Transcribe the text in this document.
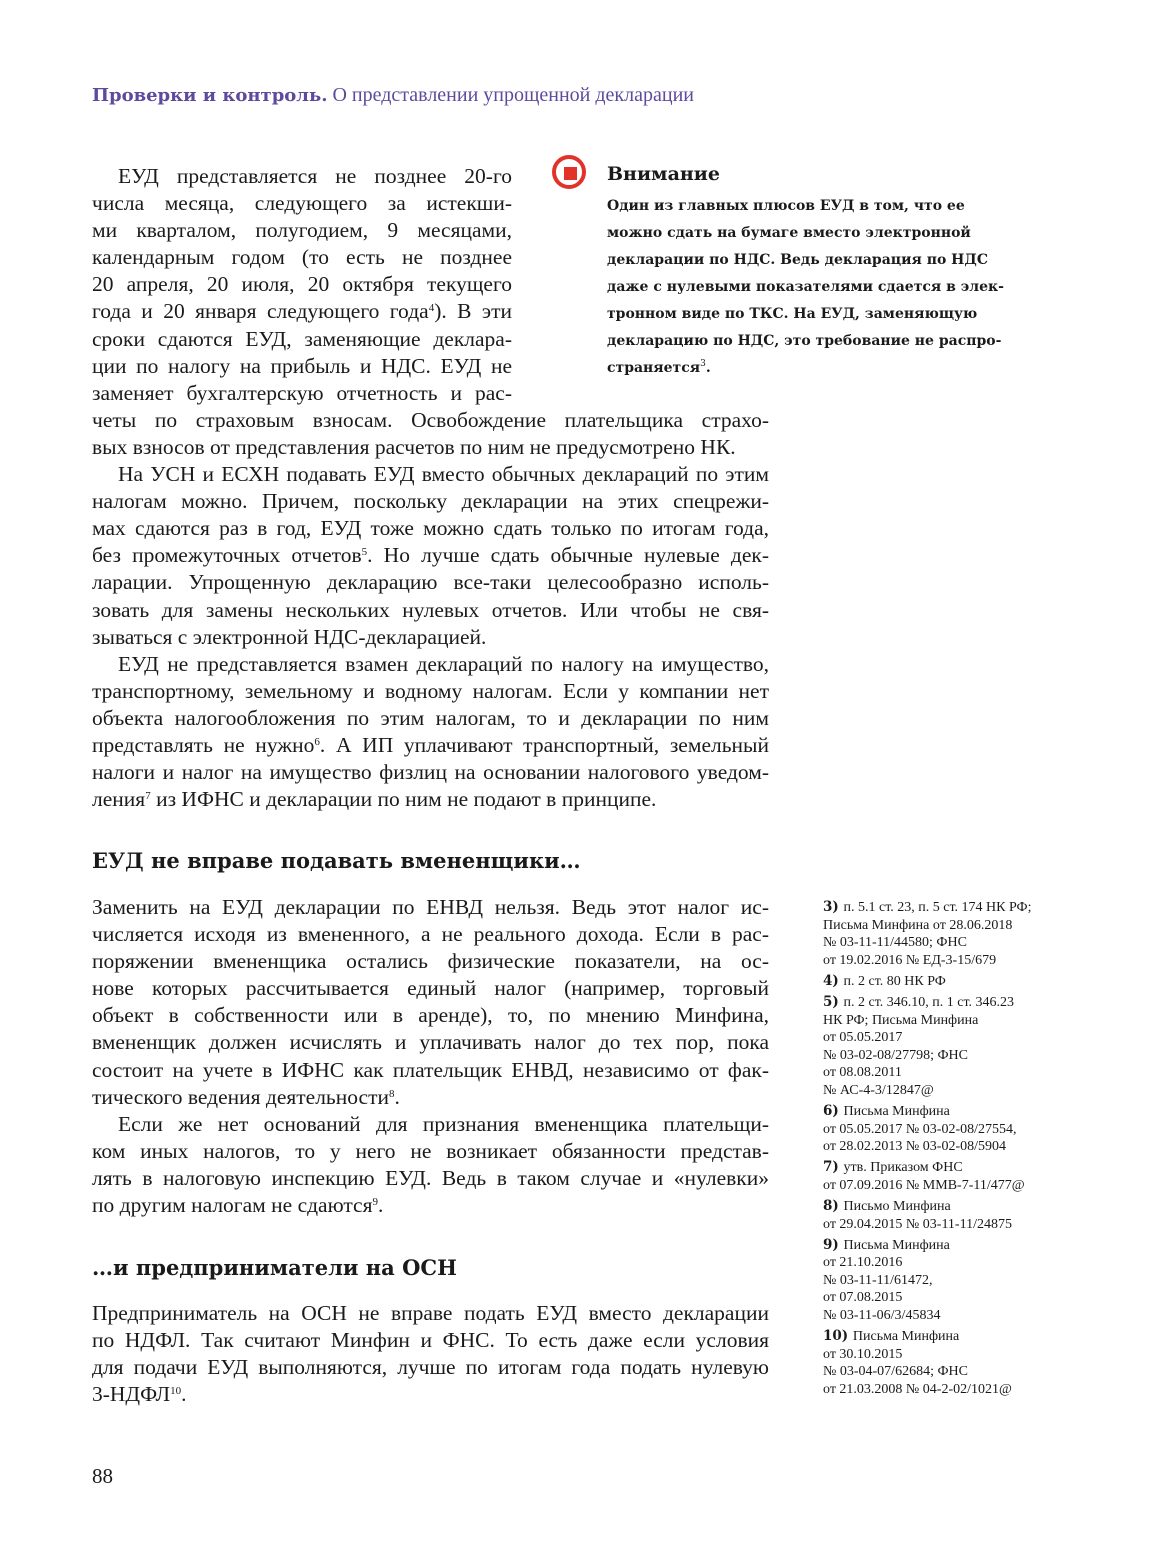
Проверки и контроль. О представлении упрощенной декларации
Внимание
Один из главных плюсов ЕУД в том, что ее
можно сдать на бумаге вместо электронной
декларации по НДС. Ведь декларация по НДС
даже с нулевыми показателями сдается в элек-
тронном виде по ТКС. На ЕУД, заменяющую
декларацию по НДС, это требование не распро-
страняется$^3$.
ЕУД представляется не позднее 20-го
числа месяца, следующего за истекши-
ми кварталом, полугодием, 9 месяцами,
календарным годом (то есть не позднее
20 апреля, 20 июля, 20 октября текущего
года и 20 января следующего года$^4$). В эти
сроки сдаются ЕУД, заменяющие деклара-
ции по налогу на прибыль и НДС. ЕУД не
заменяет бухгалтерскую отчетность и рас-
четы по страховым взносам. Освобождение плательщика страхо-
вых взносов от представления расчетов по ним не предусмотрено НК.
На УСН и ЕСХН подавать ЕУД вместо обычных деклараций по этим
налогам можно. Причем, поскольку декларации на этих спецрежи-
мах сдаются раз в год, ЕУД тоже можно сдать только по итогам года,
без промежуточных отчетов$^5$. Но лучше сдать обычные нулевые дек-
ларации. Упрощенную декларацию все-таки целесообразно исполь-
зовать для замены нескольких нулевых отчетов. Или чтобы не свя-
зываться с электронной НДС-декларацией.
ЕУД не представляется взамен деклараций по налогу на имущество,
транспортному, земельному и водному налогам. Если у компании нет
объекта налогообложения по этим налогам, то и декларации по ним
представлять не нужно$^6$. А ИП уплачивают транспортный, земельный
налоги и налог на имущество физлиц на основании налогового уведом-
ления$^7$ из ИФНС и декларации по ним не подают в принципе.
ЕУД не вправе подавать вмененщики…
Заменить на ЕУД декларации по ЕНВД нельзя. Ведь этот налог ис-
числяется исходя из вмененного, а не реального дохода. Если в рас-
поряжении вмененщика остались физические показатели, на ос-
нове которых рассчитывается единый налог (например, торговый
объект в собственности или в аренде), то, по мнению Минфина,
вмененщик должен исчислять и уплачивать налог до тех пор, пока
состоит на учете в ИФНС как плательщик ЕНВД, независимо от фак-
тического ведения деятельности$^8$.
Если же нет оснований для признания вмененщика плательщи-
ком иных налогов, то у него не возникает обязанности представ-
лять в налоговую инспекцию ЕУД. Ведь в таком случае и «нулевки»
по другим налогам не сдаются$^9$.
…и предприниматели на ОСН
Предприниматель на ОСН не вправе подать ЕУД вместо декларации
по НДФЛ. Так считают Минфин и ФНС. То есть даже если условия
для подачи ЕУД выполняются, лучше по итогам года подать нулевую
3-НДФЛ$^{10}$.
3) п. 5.1 ст. 23, п. 5 ст. 174 НК РФ;
Письма Минфина от 28.06.2018
№ 03-11-11/44580; ФНС
от 19.02.2016 № ЕД-3-15/679
4) п. 2 ст. 80 НК РФ
5) п. 2 ст. 346.10, п. 1 ст. 346.23
НК РФ; Письма Минфина
от 05.05.2017
№ 03-02-08/27798; ФНС
от 08.08.2011
№ АС-4-3/12847@
6) Письма Минфина
от 05.05.2017 № 03-02-08/27554,
от 28.02.2013 № 03-02-08/5904
7) утв. Приказом ФНС
от 07.09.2016 № ММВ-7-11/477@
8) Письмо Минфина
от 29.04.2015 № 03-11-11/24875
9) Письма Минфина
от 21.10.2016
№ 03-11-11/61472,
от 07.08.2015
№ 03-11-06/3/45834
10) Письма Минфина
от 30.10.2015
№ 03-04-07/62684; ФНС
от 21.03.2008 № 04-2-02/1021@
88
